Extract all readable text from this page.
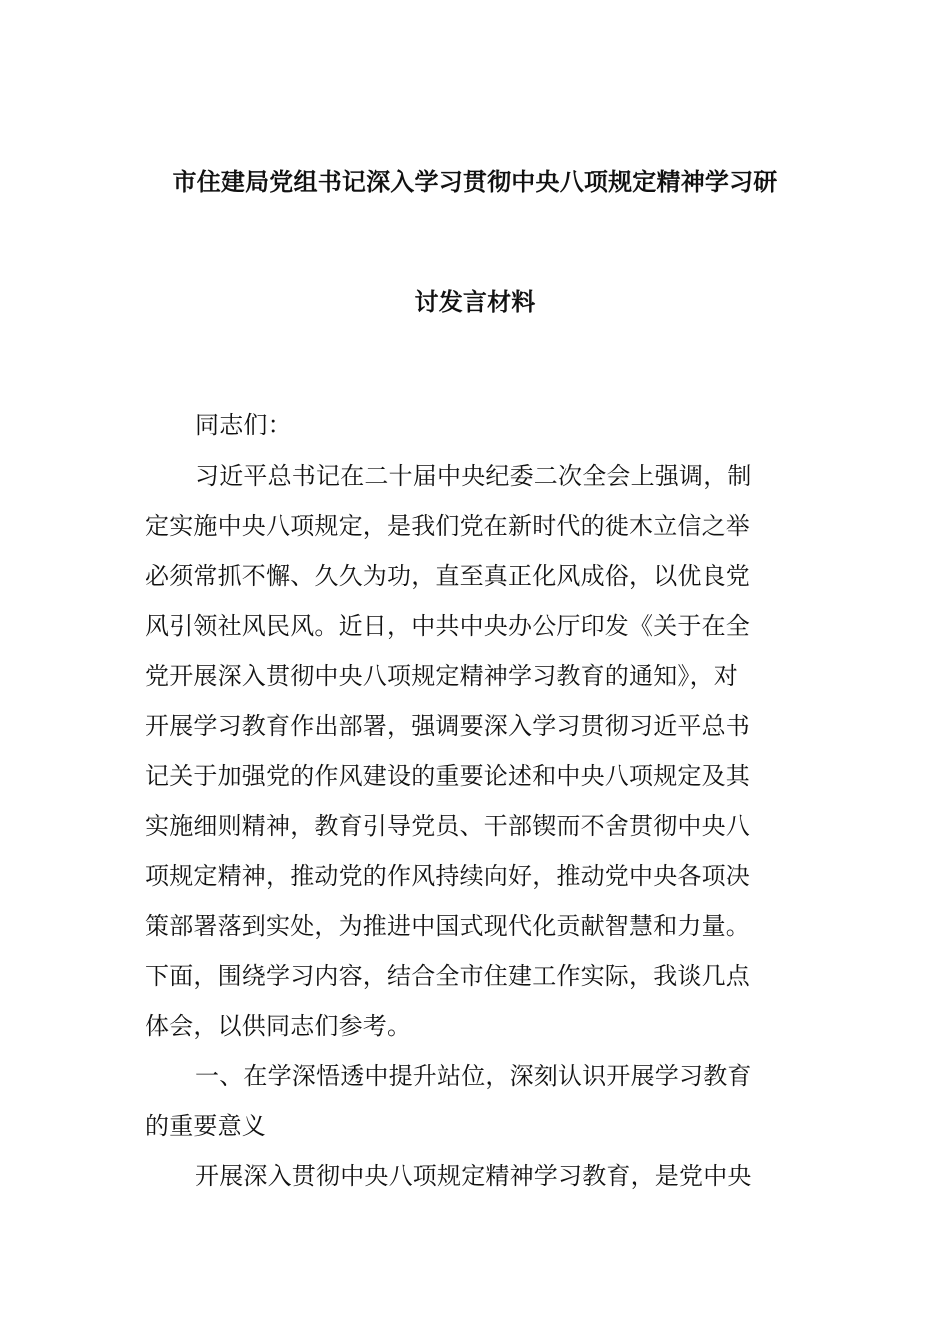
市住建局党组书记深入学习贯彻中央八项规定精神学习研
讨发言材料
同志们：
习近平总书记在二十届中央纪委二次全会上强调，制
定实施中央八项规定，是我们党在新时代的徙木立信之举
必须常抓不懈、久久为功，直至真正化风成俗，以优良党
风引领社风民风。近日，中共中央办公厅印发《关于在全
党开展深入贯彻中央八项规定精神学习教育的通知》，对
开展学习教育作出部署，强调要深入学习贯彻习近平总书
记关于加强党的作风建设的重要论述和中央八项规定及其
实施细则精神，教育引导党员、干部锲而不舍贯彻中央八
项规定精神，推动党的作风持续向好，推动党中央各项决
策部署落到实处，为推进中国式现代化贡献智慧和力量。
下面，围绕学习内容，结合全市住建工作实际，我谈几点
体会，以供同志们参考。
一、在学深悟透中提升站位，深刻认识开展学习教育
的重要意义
开展深入贯彻中央八项规定精神学习教育，是党中央
